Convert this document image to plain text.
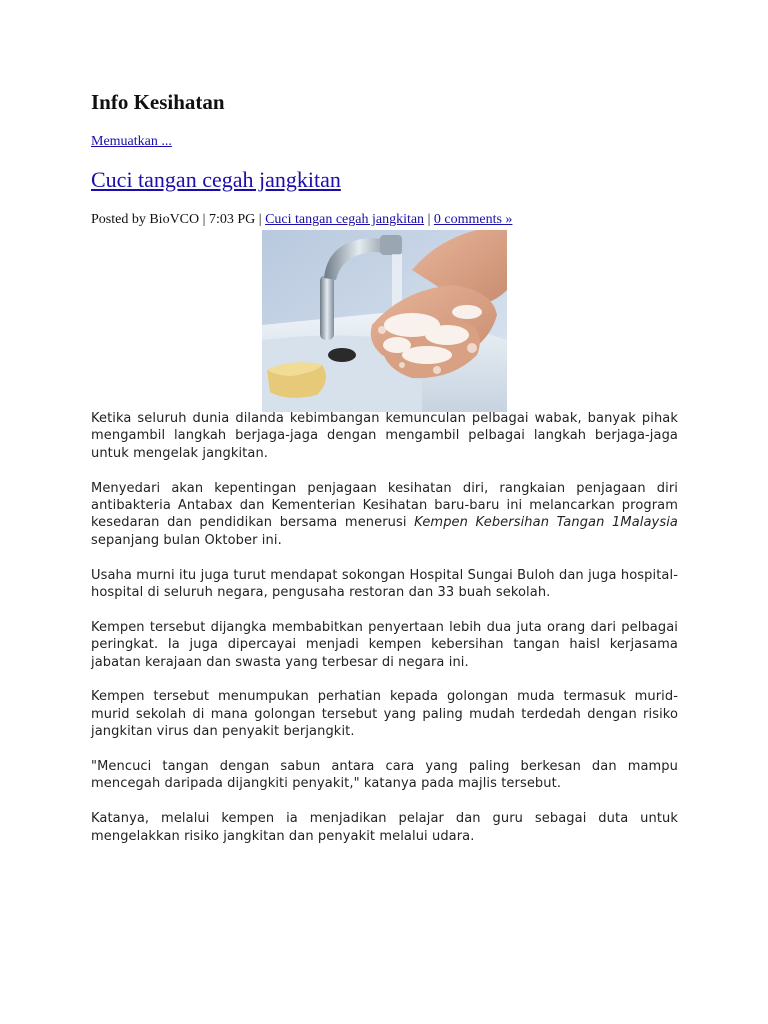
Info Kesihatan
Memuatkan ...
Cuci tangan cegah jangkitan
Posted by BioVCO | 7:03 PG | Cuci tangan cegah jangkitan | 0 comments »

Ketika seluruh dunia dilanda kebimbangan kemunculan pelbagai wabak, banyak pihak mengambil langkah berjaga-jaga dengan mengambil pelbagai langkah berjaga-jaga untuk mengelak jangkitan.

Menyedari akan kepentingan penjagaan kesihatan diri, rangkaian penjagaan diri antibakteria Antabax dan Kementerian Kesihatan baru-baru ini melancarkan program kesedaran dan pendidikan bersama menerusi Kempen Kebersihan Tangan 1Malaysia sepanjang bulan Oktober ini.

Usaha murni itu juga turut mendapat sokongan Hospital Sungai Buloh dan juga hospital-hospital di seluruh negara, pengusaha restoran dan 33 buah sekolah.

Kempen tersebut dijangka membabitkan penyertaan lebih dua juta orang dari pelbagai peringkat. Ia juga dipercayai menjadi kempen kebersihan tangan haisl kerjasama jabatan kerajaan dan swasta yang terbesar di negara ini.

Kempen tersebut menumpukan perhatian kepada golongan muda termasuk murid-murid sekolah di mana golongan tersebut yang paling mudah terdedah dengan risiko jangkitan virus dan penyakit berjangkit.

"Mencuci tangan dengan sabun antara cara yang paling berkesan dan mampu mencegah daripada dijangkiti penyakit," katanya pada majlis tersebut.

Katanya, melalui kempen ia menjadikan pelajar dan guru sebagai duta untuk mengelakkan risiko jangkitan dan penyakit melalui udara.
